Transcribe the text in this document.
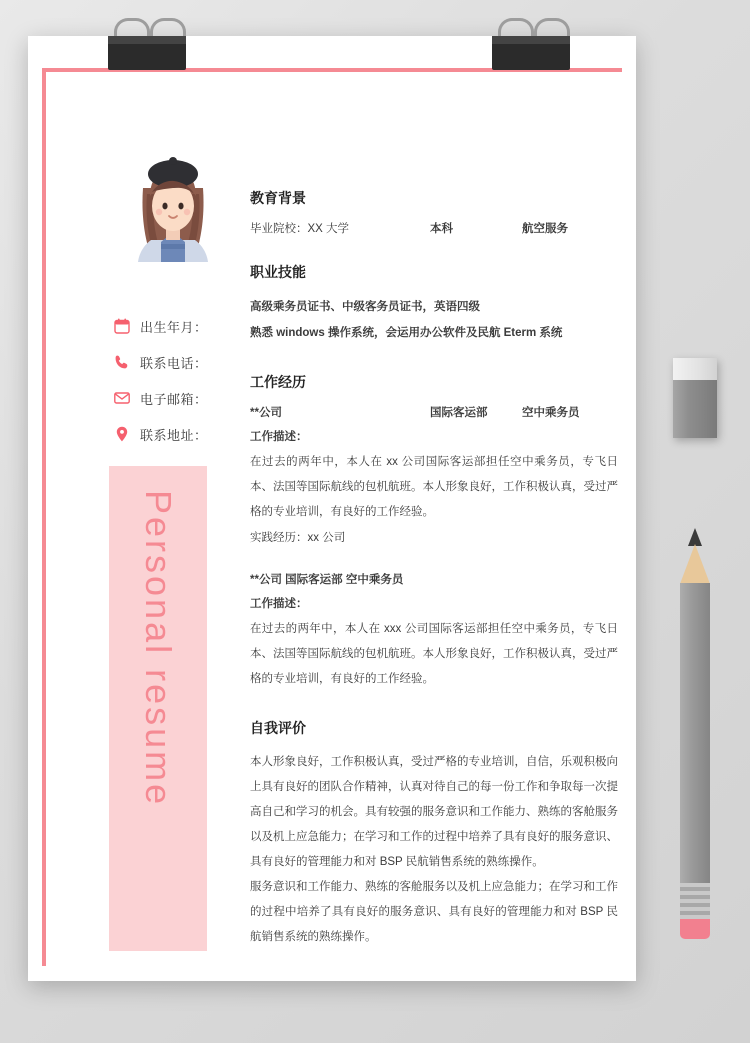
出生年月：
联系电话：
电子邮箱：
联系地址：
Personal resume
教育背景
毕业院校：XX 大学	本科	航空服务
职业技能
高级乘务员证书、中级客务员证书，英语四级
熟悉 windows 操作系统，会运用办公软件及民航 Eterm 系统
工作经历
**公司	国际客运部	空中乘务员
工作描述：

在过去的两年中，本人在 xx 公司国际客运部担任空中乘务员，专飞日本、法国等国际航线的包机航班。本人形象良好，工作积极认真，受过严格的专业培训，有良好的工作经验。

实践经历：xx 公司
**公司 国际客运部 空中乘务员
工作描述：

在过去的两年中，本人在 xxx 公司国际客运部担任空中乘务员，专飞日本、法国等国际航线的包机航班。本人形象良好，工作积极认真，受过严格的专业培训，有良好的工作经验。

自我评价

本人形象良好，工作积极认真，受过严格的专业培训，自信，乐观积极向上具有良好的团队合作精神，认真对待自己的每一份工作和争取每一次提高自己和学习的机会。具有较强的服务意识和工作能力、熟练的客舱服务以及机上应急能力；在学习和工作的过程中培养了具有良好的服务意识、具有良好的管理能力和对 BSP 民航销售系统的熟练操作。

服务意识和工作能力、熟练的客舱服务以及机上应急能力；在学习和工作的过程中培养了具有良好的服务意识、具有良好的管理能力和对 BSP 民航销售系统的熟练操作。
